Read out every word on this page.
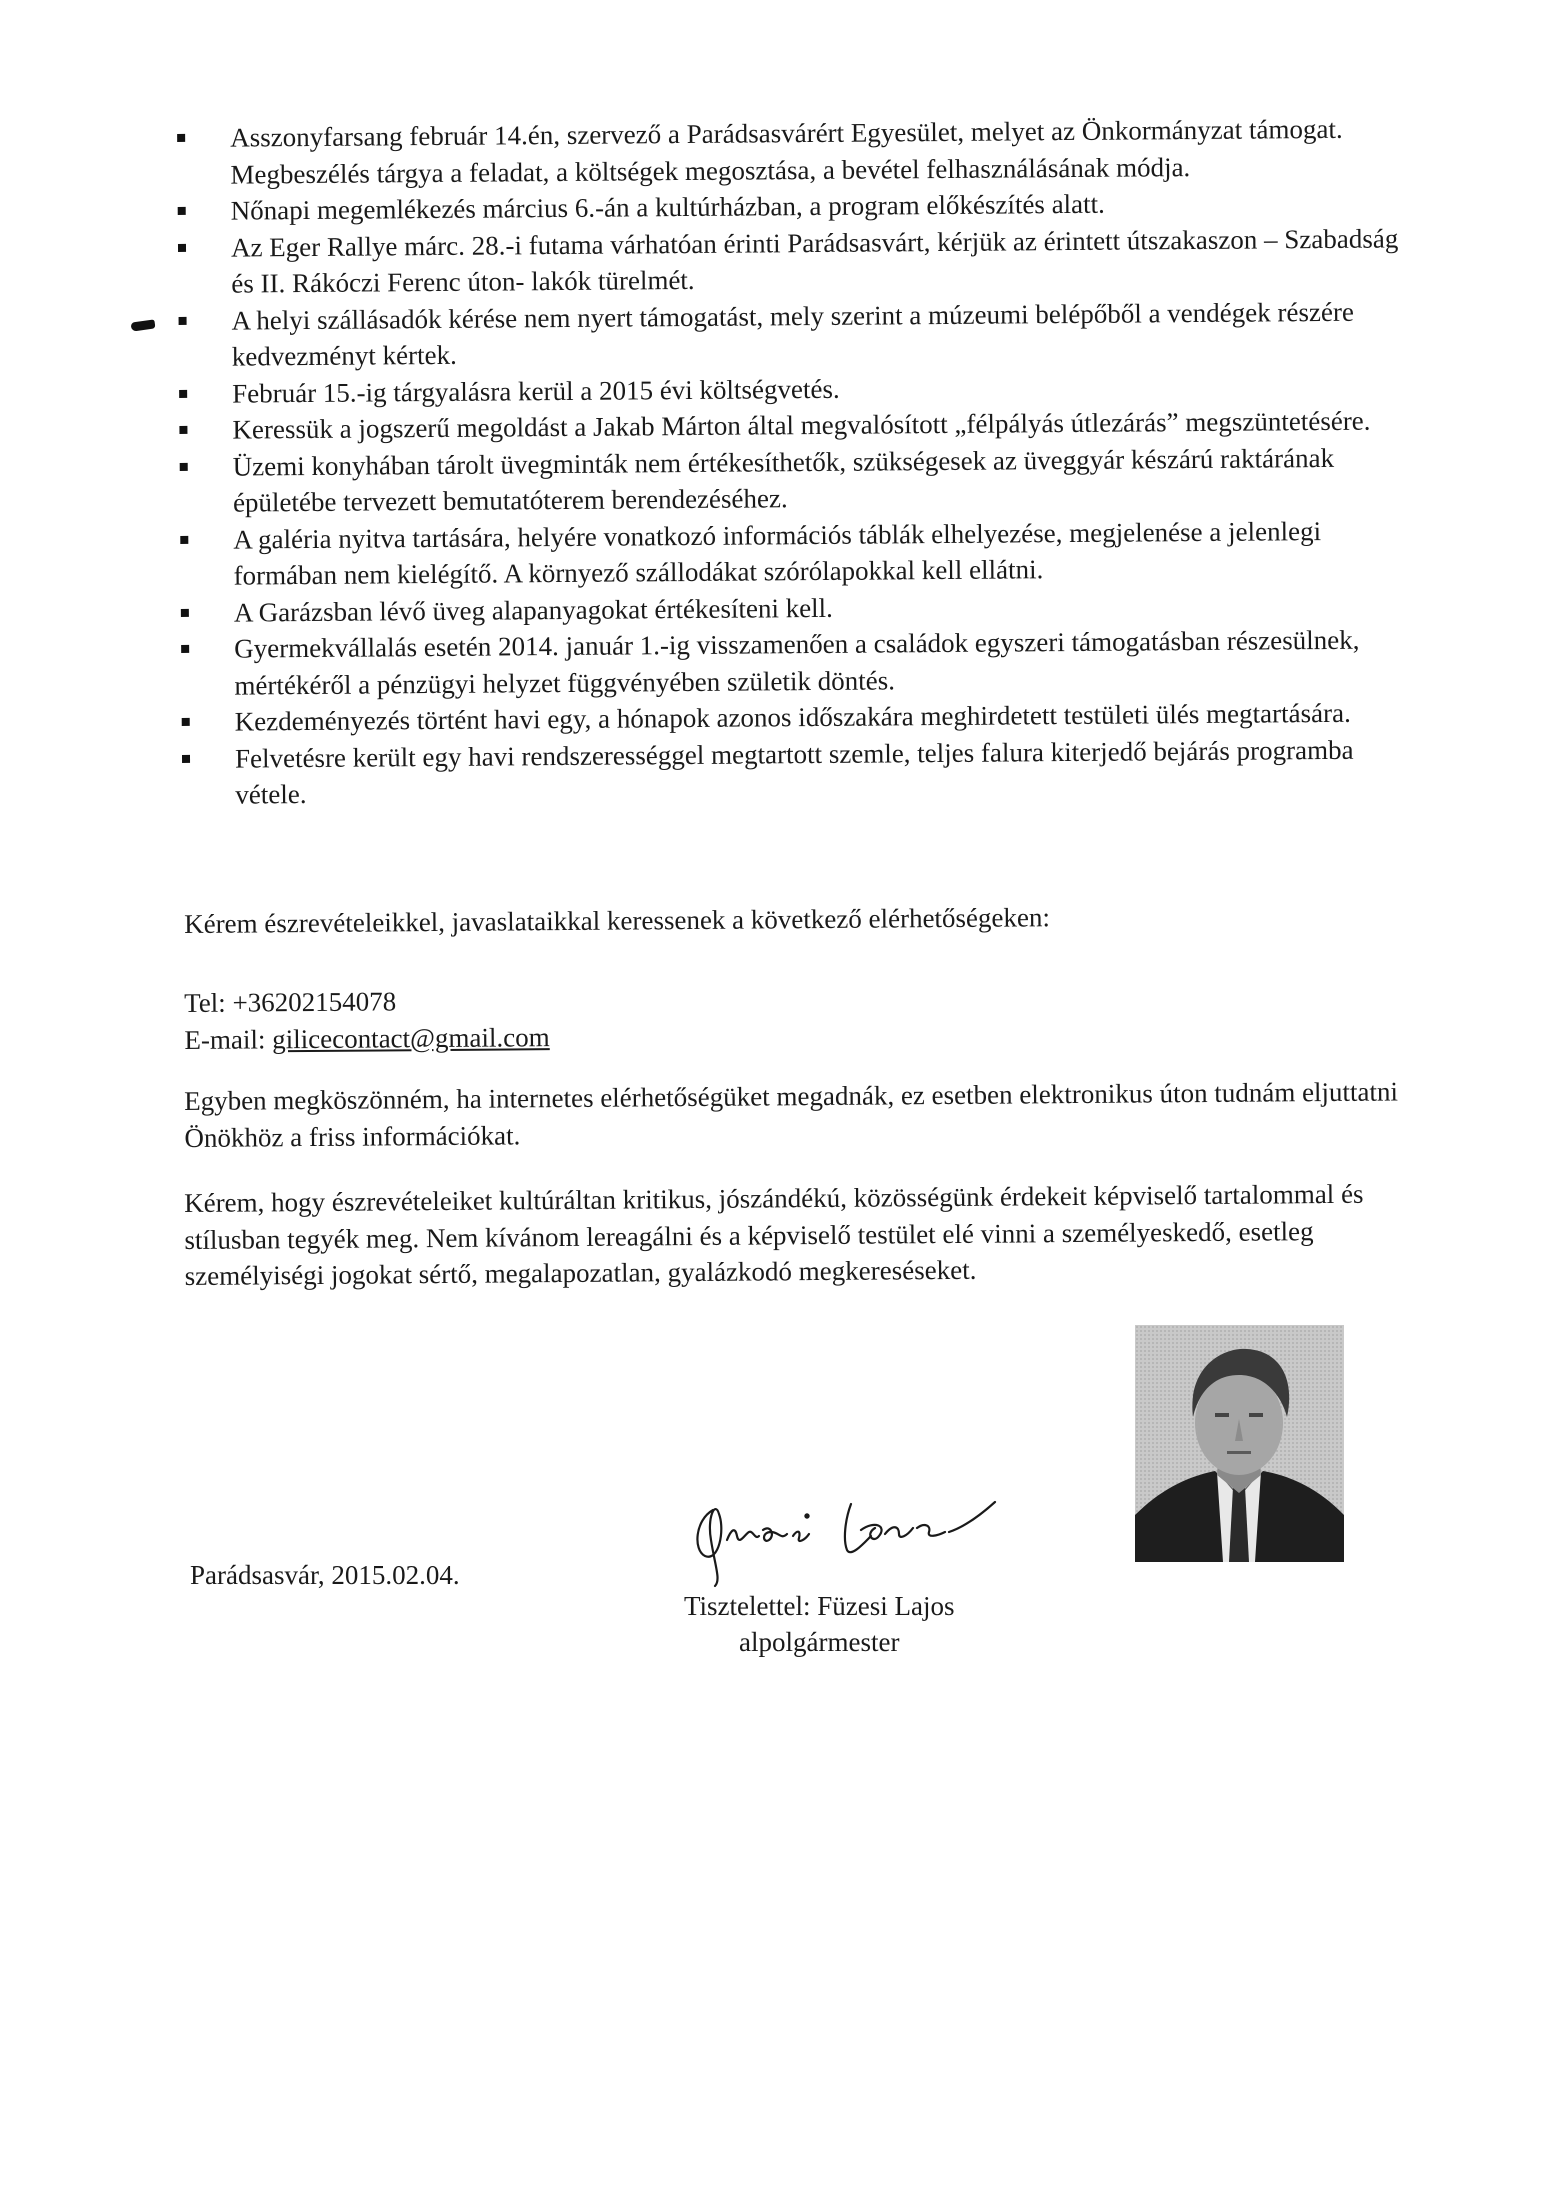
Asszonyfarsang február 14.én, szervező a Parádsasvárért Egyesület, melyet az Önkormányzat támogat. Megbeszélés tárgya a feladat, a költségek megosztása, a bevétel felhasználásának módja.
Nőnapi megemlékezés március 6.-án a kultúrházban, a program előkészítés alatt.
Az Eger Rallye márc. 28.-i futama várhatóan érinti Parádsasvárt, kérjük az érintett útszakaszon – Szabadság és II. Rákóczi Ferenc úton- lakók türelmét.
A helyi szállásadók kérése nem nyert támogatást, mely szerint a múzeumi belépőből a vendégek részére kedvezményt kértek.
Február 15.-ig tárgyalásra kerül a 2015 évi költségvetés.
Keressük a jogszerű megoldást a Jakab Márton által megvalósított „félpályás útlezárás” megszüntetésére.
Üzemi konyhában tárolt üvegminták nem értékesíthetők, szükségesek az üveggyár készárú raktárának épületébe tervezett bemutatóterem berendezéséhez.
A galéria nyitva tartására, helyére vonatkozó információs táblák elhelyezése, megjelenése a jelenlegi formában nem kielégítő. A környező szállodákat szórólapokkal kell ellátni.
A Garázsban lévő üveg alapanyagokat értékesíteni kell.
Gyermekvállalás esetén 2014. január 1.-ig visszamenően a családok egyszeri támogatásban részesülnek, mértékéről a pénzügyi helyzet függvényében születik döntés.
Kezdeményezés történt havi egy, a hónapok azonos időszakára meghirdetett testületi ülés megtartására.
Felvetésre került egy havi rendszerességgel megtartott szemle, teljes falura kiterjedő bejárás programba vétele.

Kérem észrevételeikkel, javaslataikkal keressenek a következő elérhetőségeken:

Tel: +36202154078
E-mail: gilicecontact@gmail.com

Egyben megköszönném, ha internetes elérhetőségüket megadnák, ez esetben elektronikus úton tudnám eljuttatni Önökhöz a friss információkat.

Kérem, hogy észrevételeiket kultúráltan kritikus, jószándékú, közösségünk érdekeit képviselő tartalommal és stílusban tegyék meg. Nem kívánom lereagálni és a képviselő testület elé vinni a személyeskedő, esetleg személyiségi jogokat sértő, megalapozatlan, gyalázkodó megkereséseket.

Parádsasvár, 2015.02.04.

Tisztelettel: Füzesi Lajos
alpolgármester
